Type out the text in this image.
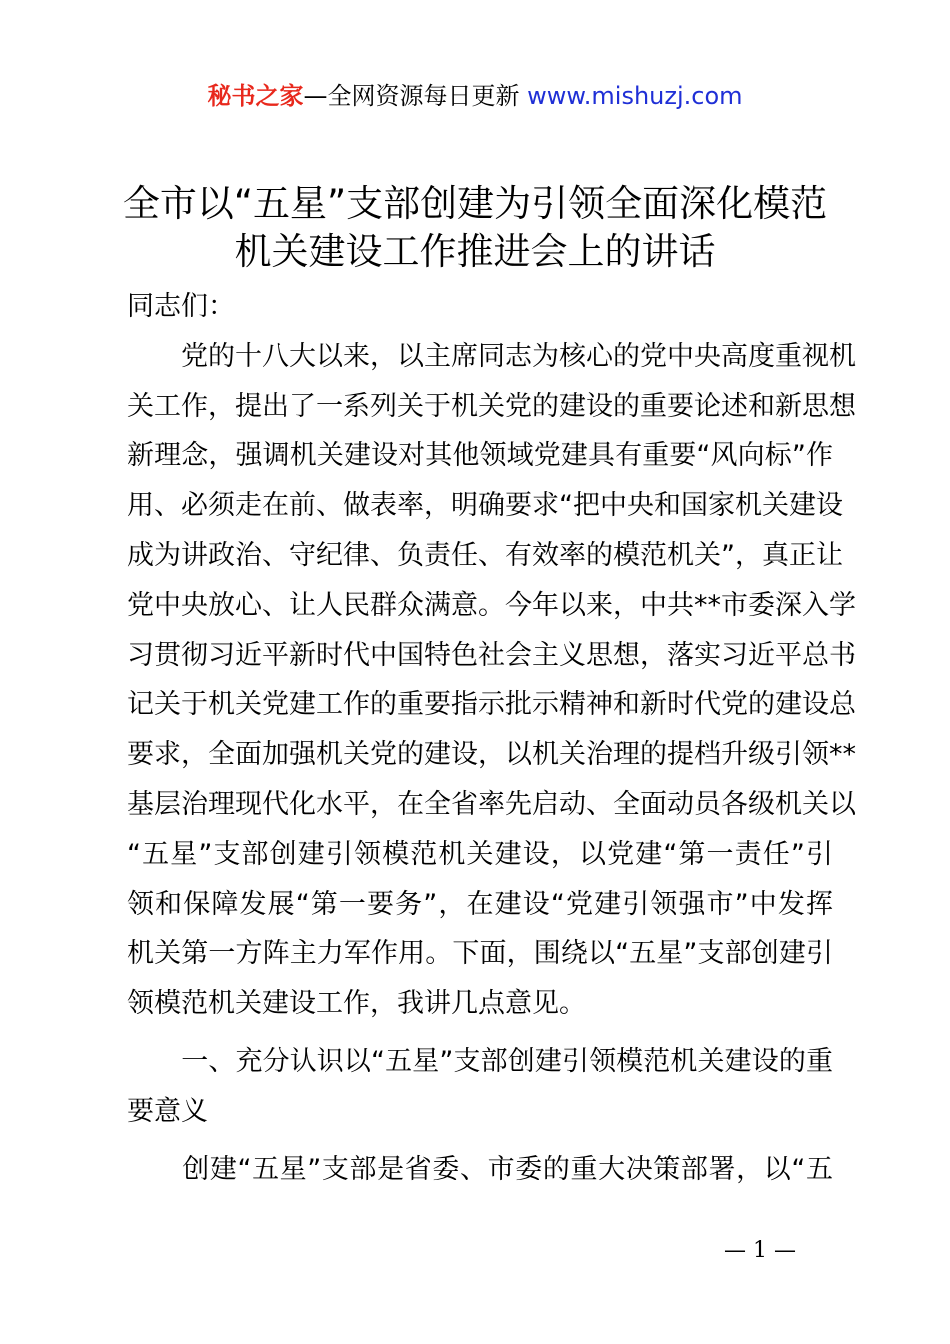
秘书之家—全网资源每日更新 www.mishuzj.com
全市以“五星”支部创建为引领全面深化模范
机关建设工作推进会上的讲话
同志们：
　　党的十八大以来，以主席同志为核心的党中央高度重视机
关工作，提出了一系列关于机关党的建设的重要论述和新思想
新理念，强调机关建设对其他领域党建具有重要“风向标”作
用、必须走在前、做表率，明确要求“把中央和国家机关建设
成为讲政治、守纪律、负责任、有效率的模范机关”，真正让
党中央放心、让人民群众满意。今年以来，中共**市委深入学
习贯彻习近平新时代中国特色社会主义思想，落实习近平总书
记关于机关党建工作的重要指示批示精神和新时代党的建设总
要求，全面加强机关党的建设，以机关治理的提档升级引领**
基层治理现代化水平，在全省率先启动、全面动员各级机关以
“五星”支部创建引领模范机关建设，以党建“第一责任”引
领和保障发展“第一要务”，在建设“党建引领强市”中发挥
机关第一方阵主力军作用。下面，围绕以“五星”支部创建引
领模范机关建设工作，我讲几点意见。
　　一、充分认识以“五星”支部创建引领模范机关建设的重
要意义
　　创建“五星”支部是省委、市委的重大决策部署，以“五
— 1 —
